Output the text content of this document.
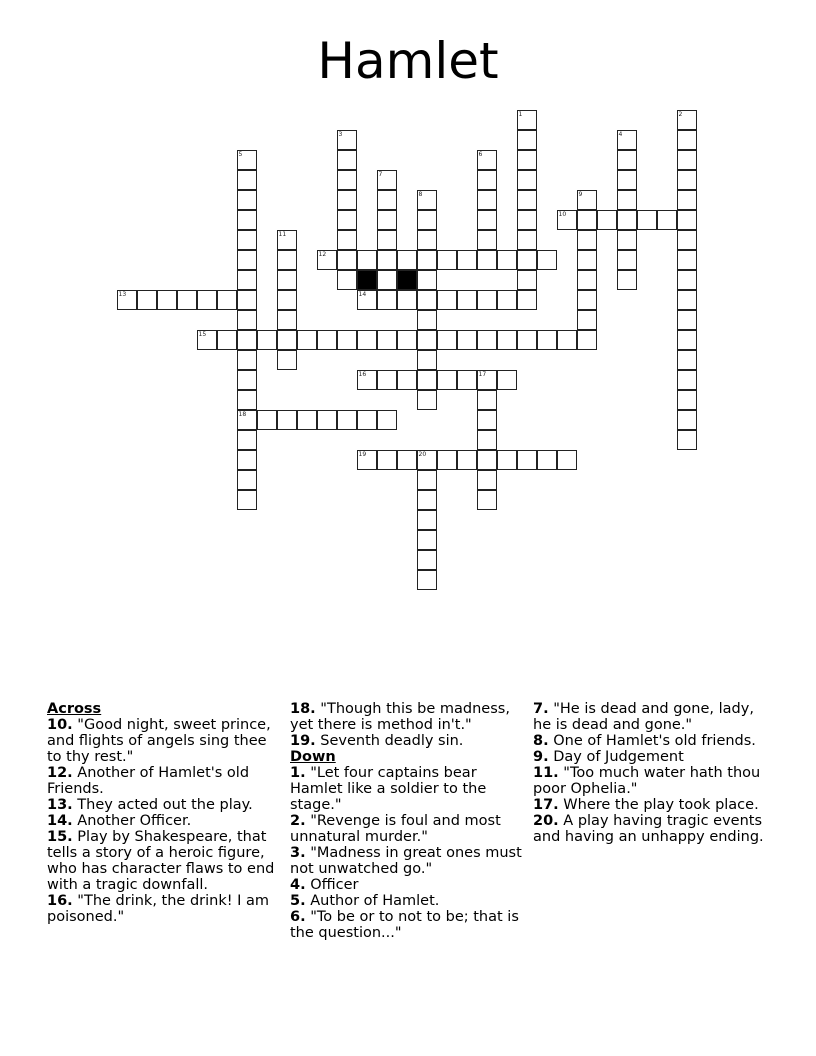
Hamlet
1	2
3	4
5
18
6
7
8	9
10
11
12
13	14
15
16	17
19	20
Across
10. "Good night, sweet prince, and flights of angels sing thee to thy rest."
12. Another of Hamlet's old Friends.
13. They acted out the play.
14. Another Officer.
15. Play by Shakespeare, that tells a story of a heroic figure, who has character flaws to end with a tragic downfall.
16. "The drink, the drink! I am poisoned."
18. "Though this be madness, yet there is method in't."
19. Seventh deadly sin.
Down
1. "Let four captains bear Hamlet like a soldier to the stage."
2. "Revenge is foul and most unnatural murder."
3. "Madness in great ones must not unwatched go."
4. Officer
5. Author of Hamlet.
6. "To be or to not to be; that is the question..."
7. "He is dead and gone, lady, he is dead and gone."
8. One of Hamlet's old friends.
9. Day of Judgement
11. "Too much water hath thou poor Ophelia."
17. Where the play took place.
20. A play having tragic events and having an unhappy ending.
